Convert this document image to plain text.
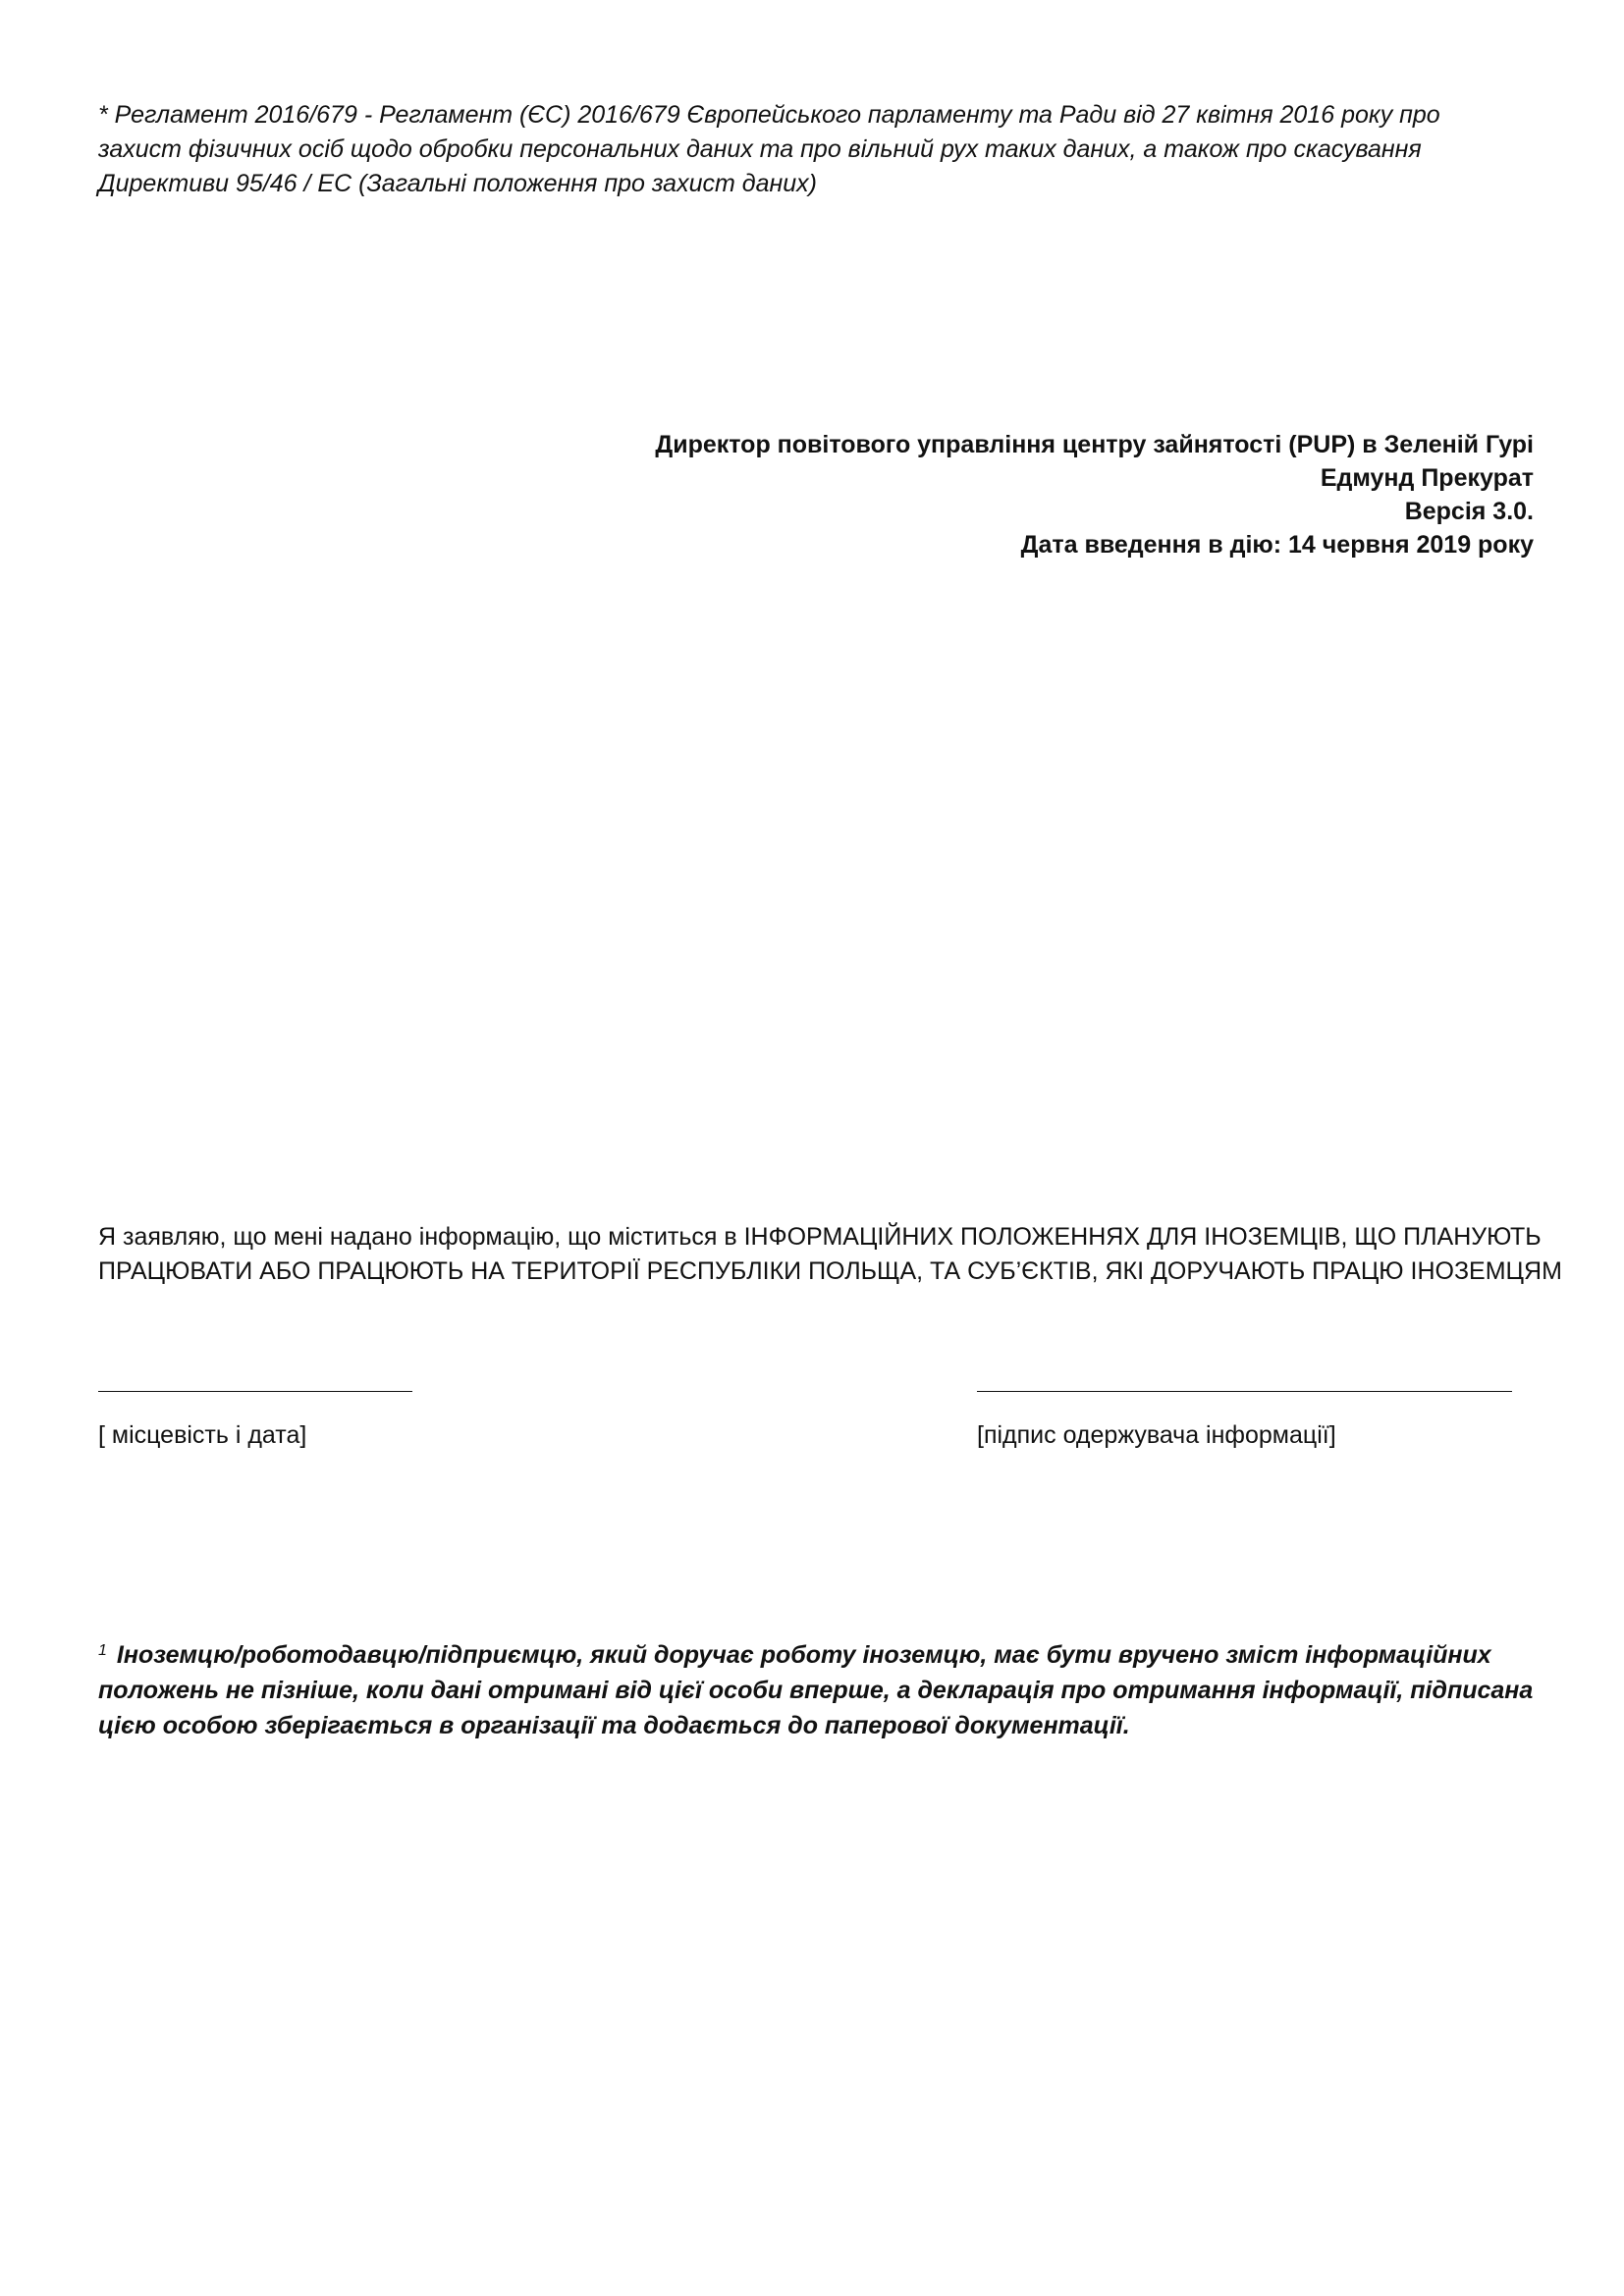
* Регламент 2016/679 - Регламент (ЄС) 2016/679 Європейського парламенту та Ради від 27 квітня 2016 року про
захист фізичних осіб щодо обробки персональних даних та про вільний рух таких даних, а також про скасування
Директиви 95/46 / ЕС (Загальні положення про захист даних)
Директор повітового управління центру зайнятості (PUP) в Зеленій Гурі
Едмунд Прекурат
Версія 3.0.
Дата введення в дію: 14 червня 2019 року
Я заявляю, що мені надано інформацію, що міститься в ІНФОРМАЦІЙНИХ ПОЛОЖЕННЯХ ДЛЯ ІНОЗЕМЦІВ, ЩО ПЛАНУЮТЬ
ПРАЦЮВАТИ АБО ПРАЦЮЮТЬ НА ТЕРИТОРІЇ РЕСПУБЛІКИ ПОЛЬЩА, ТА СУБ’ЄКТІВ, ЯКІ ДОРУЧАЮТЬ ПРАЦЮ ІНОЗЕМЦЯМ
[ місцевість і дата]	[підпис одержувача інформації]
$^1$ Іноземцю/роботодавцю/підприємцю, який доручає роботу іноземцю, має бути вручено зміст інформаційних
положень не пізніше, коли дані отримані від цієї особи вперше, а декларація про отримання інформації, підписана
цією особою зберігається в організації та додається до паперової документації.
